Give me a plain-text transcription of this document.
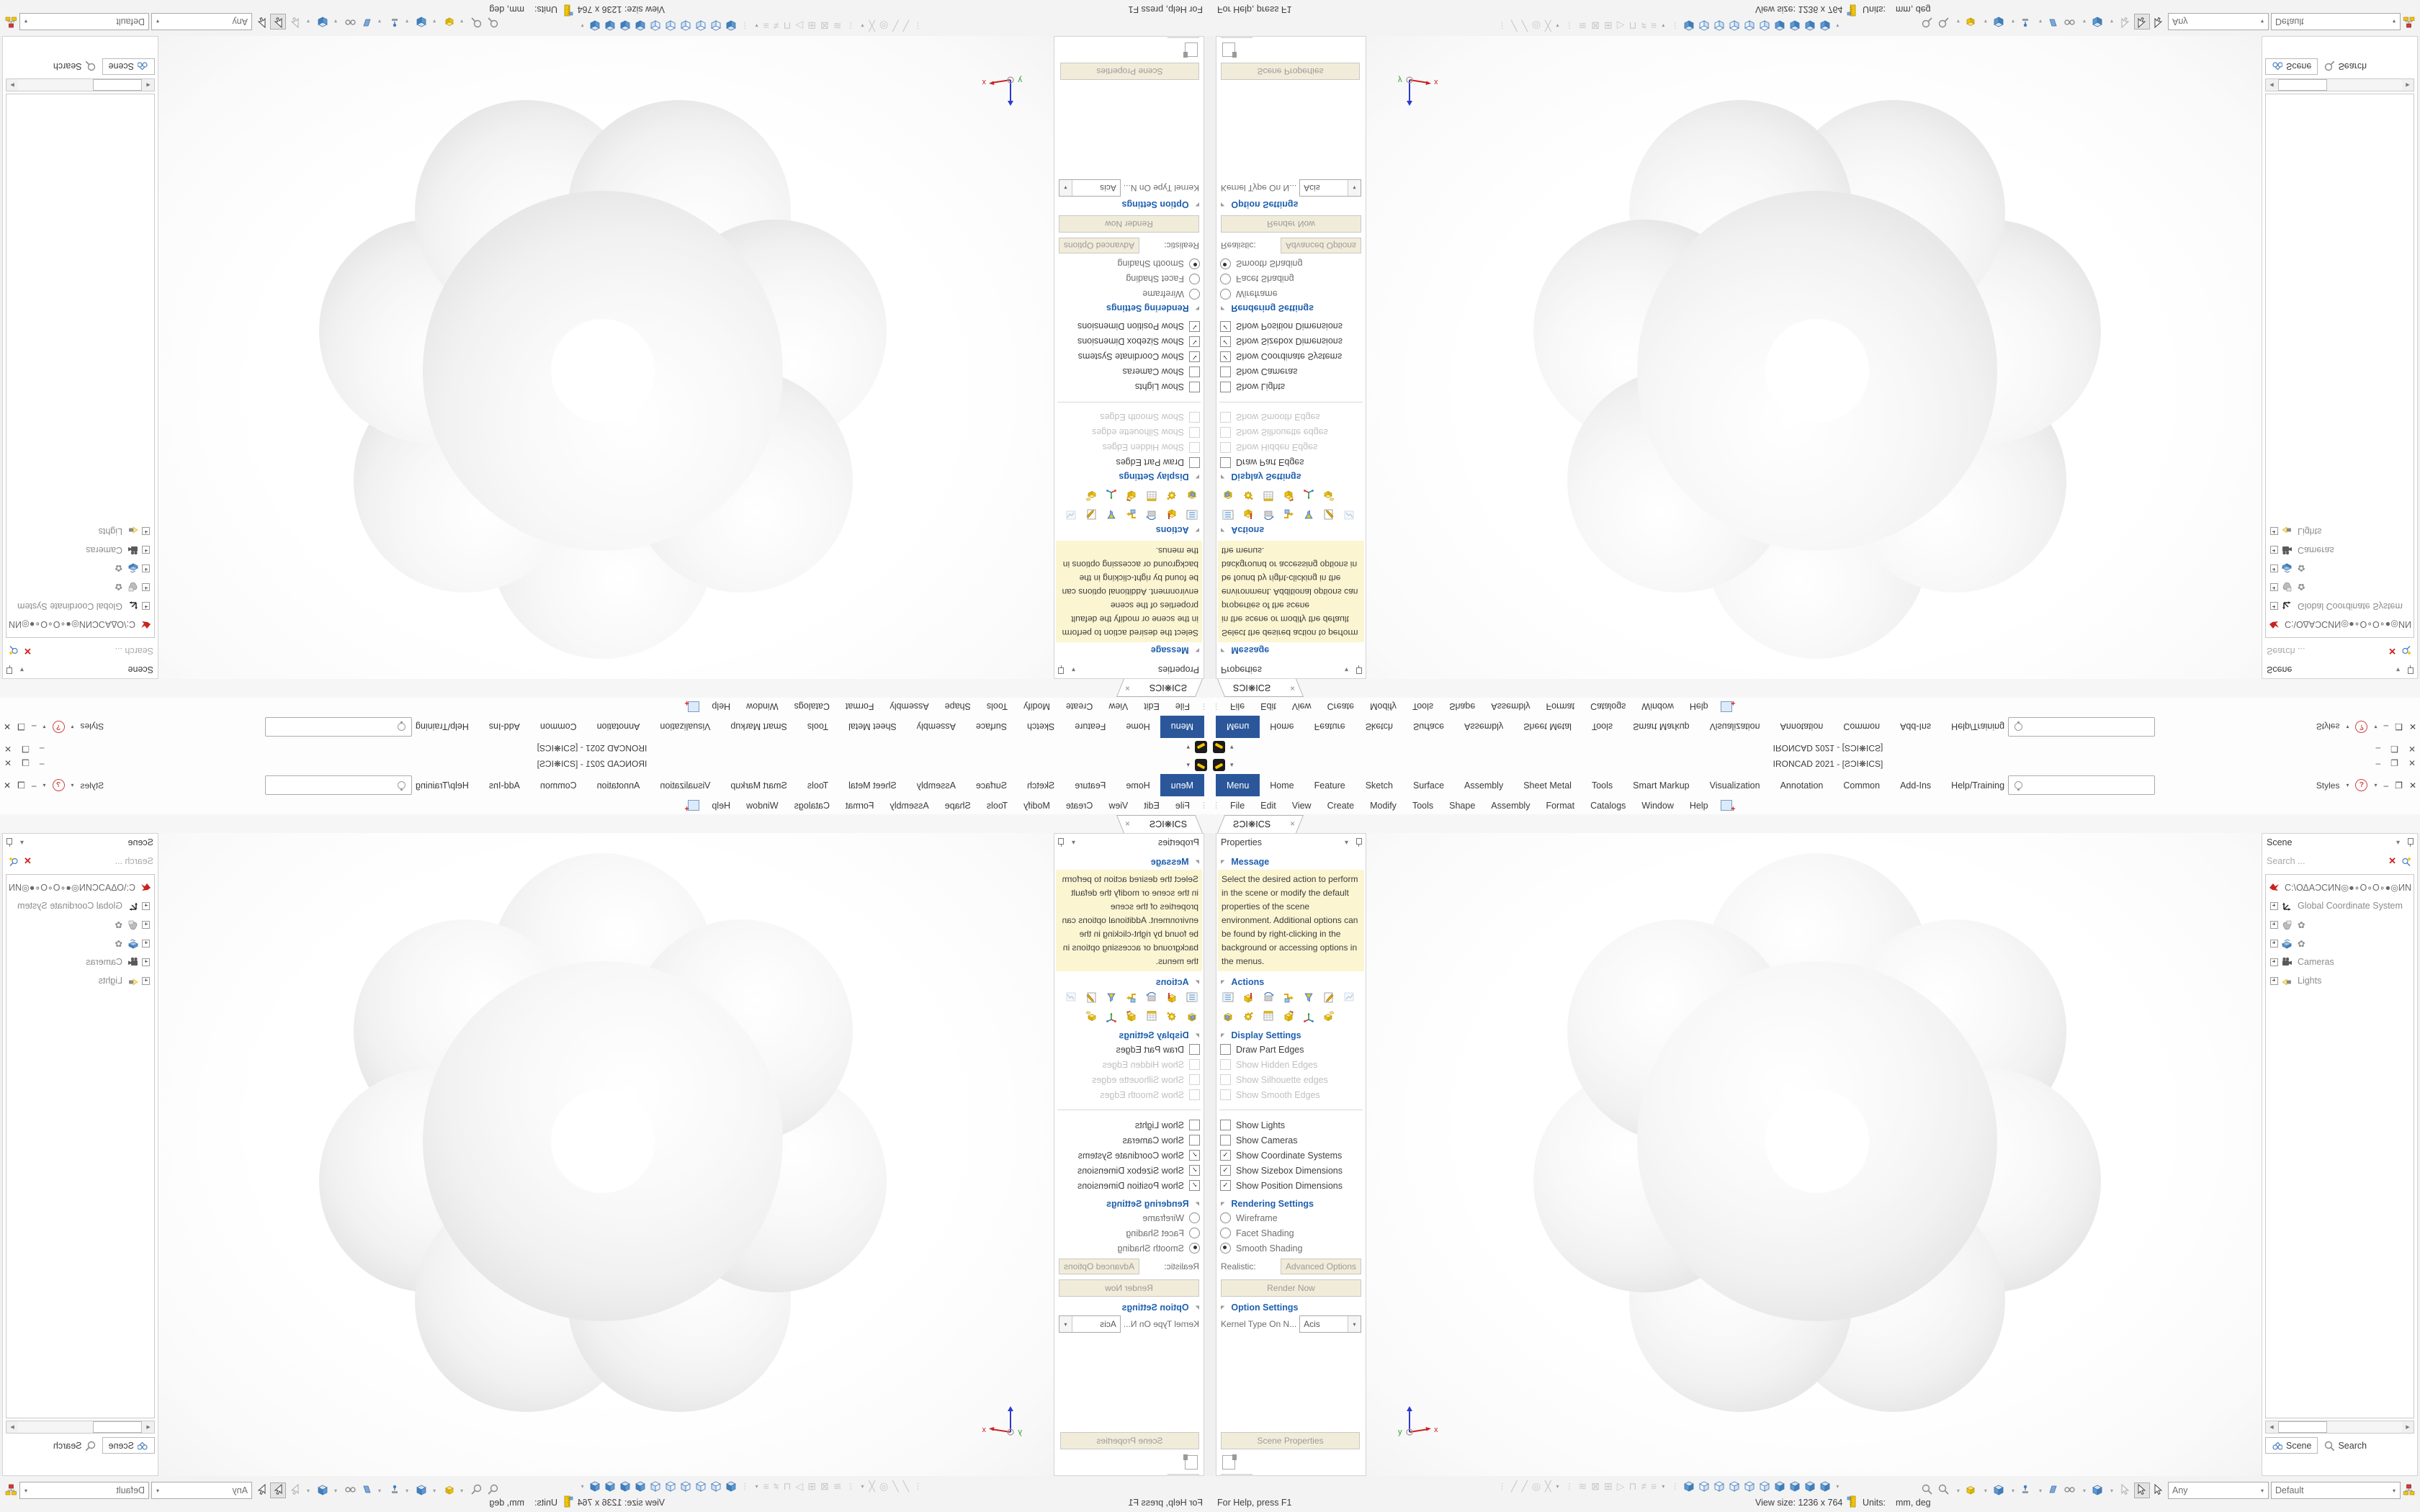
▾	IRONCAD 2021 - [ƧƆI❋ICS]	– ❐ ✕
Menu	Home	Feature	Sketch	Surface	Assembly	Sheet Metal	Tools	Smart Markup	Visualization	Annotation	Common	Add-Ins	Help/Training	Styles ▾	?	▾ – ❐ ✕
⋮	File	Edit	View	Create	Modify	Tools	Shape	Assembly	Format	Catalogs	Window	Help	+
ƧƆI❋ICS ×
Properties	▾
◤ Message
Select the desired action to perform in the scene or modify the default properties of the scene environment. Additional options can be found by right-clicking in the background or accessing options in the menus.
◤ Actions
◤ Display Settings
Draw Part Edges
Show Hidden Edges
Show Silhouette edges
Show Smooth Edges
Show Lights
Show Cameras
✓ Show Coordinate Systems
✓ Show Sizebox Dimensions
✓ Show Position Dimensions
◤ Rendering Settings
Wireframe
Facet Shading
Smooth Shading
Realistic:	Advanced Options
Render Now
◤ Option Settings
Kernel Type On N... Acis	▾
Scene Properties
x
y
Scene	▾
Search ...	✕
C:\ΟΔAƆCИΝ◎●∘Ο∘Ο∘●◎ИΝ
Global Coordinate System
✿
✿
Cameras
Lights
◀	▶
Scene	Search
⋮ ╱ ╱ ◎ ╳ ▾ ⋮ ≋ ⊠ ⊞ ▷ ⊓ ≠ ≡ ▾ ⋮	▾
For Help, press F1	View size: 1236 x 764 Units: mm, deg
▾	▾	▾	▾	▾	▾	Any	▾	Default	▾
▾
IRONCAD 2021 - [ƧƆI❋ICS]
–
❐
✕
Menu
Home
Feature
Sketch
Surface
Assembly
Sheet Metal
Tools
Smart Markup
Visualization
Annotation
Common
Add-Ins
Help/Training
Styles
▾
?
▾
–
❐
✕
⋮
File
Edit
View
Create
Modify
Tools
Shape
Assembly
Format
Catalogs
Window
Help
+
ƧƆI❋ICS
×
Properties
▾
◤
Message
Select the desired action to perform in the scene or modify the default properties of the scene environment. Additional options can be found by right-clicking in the background or accessing options in the menus.
◤
Actions
◤
Display Settings
Draw Part Edges
Show Hidden Edges
Show Silhouette edges
Show Smooth Edges
Show Lights
Show Cameras
✓
Show Coordinate Systems
✓
Show Sizebox Dimensions
✓
Show Position Dimensions
◤
Rendering Settings
Wireframe
Facet Shading
Smooth Shading
Realistic:
Advanced Options
Render Now
◤
Option Settings
Kernel Type On N...
Acis
▾
Scene Properties
x	y
Scene
▾
Search ...
✕
C:\ΟΔAƆCИΝ◎●∘Ο∘Ο∘●◎ИΝ
Global Coordinate System
✿
✿
Cameras
Lights
◀
▶
Scene
Search
⋮
╱
╱
◎
╳
▾
⋮
≋
⊠
⊞
▷
⊓
≠
≡
▾
⋮
▾
For Help, press F1
View size: 1236 x 764
Units:
mm, deg
▾
▾
▾
▾
▾
▾
Any
▾
Default
▾
▾	IRONCAD 2021 - [ƧƆI❋ICS]	– ❐ ✕
Menu	Home	Feature	Sketch	Surface	Assembly	Sheet Metal	Tools	Smart Markup	Visualization	Annotation	Common	Add-Ins	Help/Training	Styles ▾	?	▾ – ❐ ✕
⋮	File	Edit	View	Create	Modify	Tools	Shape	Assembly	Format	Catalogs	Window	Help	+
ƧƆI❋ICS ×
Properties	▾
◤ Message
Select the desired action to perform in the scene or modify the default properties of the scene environment. Additional options can be found by right-clicking in the background or accessing options in the menus.
◤ Actions
◤ Display Settings
Draw Part Edges
Show Hidden Edges
Show Silhouette edges
Show Smooth Edges
Show Lights
Show Cameras
✓ Show Coordinate Systems
✓ Show Sizebox Dimensions
✓ Show Position Dimensions
◤ Rendering Settings
Wireframe
Facet Shading
Smooth Shading
Realistic:	Advanced Options
Render Now
◤ Option Settings
Kernel Type On N... Acis	▾
Scene Properties
x
y
Scene	▾
Search ...	✕
C:\ΟΔAƆCИΝ◎●∘Ο∘Ο∘●◎ИΝ
Global Coordinate System
✿
✿
Cameras
Lights
◀	▶
Scene	Search
⋮ ╱ ╱ ◎ ╳ ▾ ⋮ ≋ ⊠ ⊞ ▷ ⊓ ≠ ≡ ▾ ⋮	▾
For Help, press F1	View size: 1236 x 764 Units: mm, deg
▾	▾	▾	▾	▾	▾	Any	▾	Default	▾
▾
IRONCAD 2021 - [ƧƆI❋ICS]
–
❐
✕
Menu
Home
Feature
Sketch
Surface
Assembly
Sheet Metal
Tools
Smart Markup
Visualization
Annotation
Common
Add-Ins
Help/Training
Styles
▾
?
▾
–
❐
✕
⋮
File
Edit
View
Create
Modify
Tools
Shape
Assembly
Format
Catalogs
Window
Help
+
ƧƆI❋ICS
×
Properties
▾
◤
Message
Select the desired action to perform in the scene or modify the default properties of the scene environment. Additional options can be found by right-clicking in the background or accessing options in the menus.
◤
Actions
◤
Display Settings
Draw Part Edges
Show Hidden Edges
Show Silhouette edges
Show Smooth Edges
Show Lights
Show Cameras
✓
Show Coordinate Systems
✓
Show Sizebox Dimensions
✓
Show Position Dimensions
◤
Rendering Settings
Wireframe
Facet Shading
Smooth Shading
Realistic:
Advanced Options
Render Now
◤
Option Settings
Kernel Type On N...
Acis
▾
Scene Properties
x	y
Scene
▾
Search ...
✕
C:\ΟΔAƆCИΝ◎●∘Ο∘Ο∘●◎ИΝ
Global Coordinate System
✿
✿
Cameras
Lights
◀
▶
Scene
Search
⋮
╱
╱
◎
╳
▾
⋮
≋
⊠
⊞
▷
⊓
≠
≡
▾
⋮
▾
For Help, press F1
View size: 1236 x 764
Units:
mm, deg
▾
▾
▾
▾
▾
▾
Any
▾
Default
▾
